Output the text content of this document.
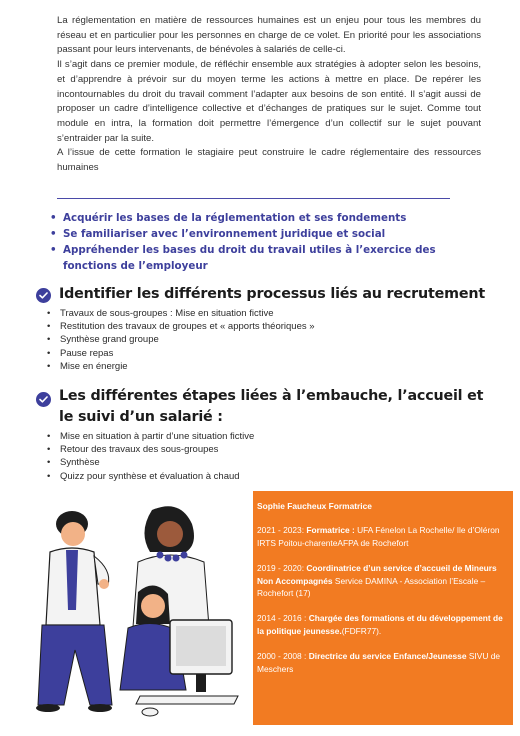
La réglementation en matière de ressources humaines est un enjeu pour tous les membres du réseau et en particulier pour les personnes en charge de ce volet. En priorité pour les associations passant pour leurs intervenants, de bénévoles à salariés de celle-ci.

Il s’agit dans ce premier module, de réfléchir ensemble aux stratégies à adopter selon les besoins, et d’apprendre à prévoir sur du moyen terme les actions à mettre en place. De repérer les incontournables du droit du travail comment l’adapter aux besoins de son entité. Il s’agit aussi de proposer un cadre d’intelligence collective et d’échanges de pratiques sur le sujet. Comme tout module en intra, la formation doit permettre l’émergence d’un collectif sur le sujet pouvant s’entraider par la suite.

A l’issue de cette formation le stagiaire peut construire le cadre réglementaire des ressources humaines

• Acquérir les bases de la réglementation et ses fondements
• Se familiariser avec l’environnement juridique et social
• Appréhender les bases du droit du travail utiles à l’exercice des fonctions de l’employeur
Identifier les différents processus liés au recrutement
• Travaux de sous-groupes : Mise en situation fictive
• Restitution des travaux de groupes et « apports théoriques »
• Synthèse grand groupe
• Pause repas
• Mise en énergie
Les différentes étapes liées à l’embauche, l’accueil et le suivi d’un salarié :
• Mise en situation à partir d’une situation fictive
• Retour des travaux des sous-groupes
• Synthèse
• Quizz pour synthèse et évaluation à chaud
Sophie Faucheux Formatrice
2021 - 2023: Formatrice : UFA Fénelon La Rochelle/ Ile d’Oléron IRTS Poitou-charenteAFPA de Rochefort
2019 - 2020: Coordinatrice d’un service d’accueil de Mineurs Non Accompagnés Service DAMINA - Association l’Escale – Rochefort (17)
2014 - 2016 : Chargée des formations et du développement de la politique jeunesse.(FDFR77).
2000 - 2008 : Directrice du service Enfance/Jeunesse SIVU de Meschers
